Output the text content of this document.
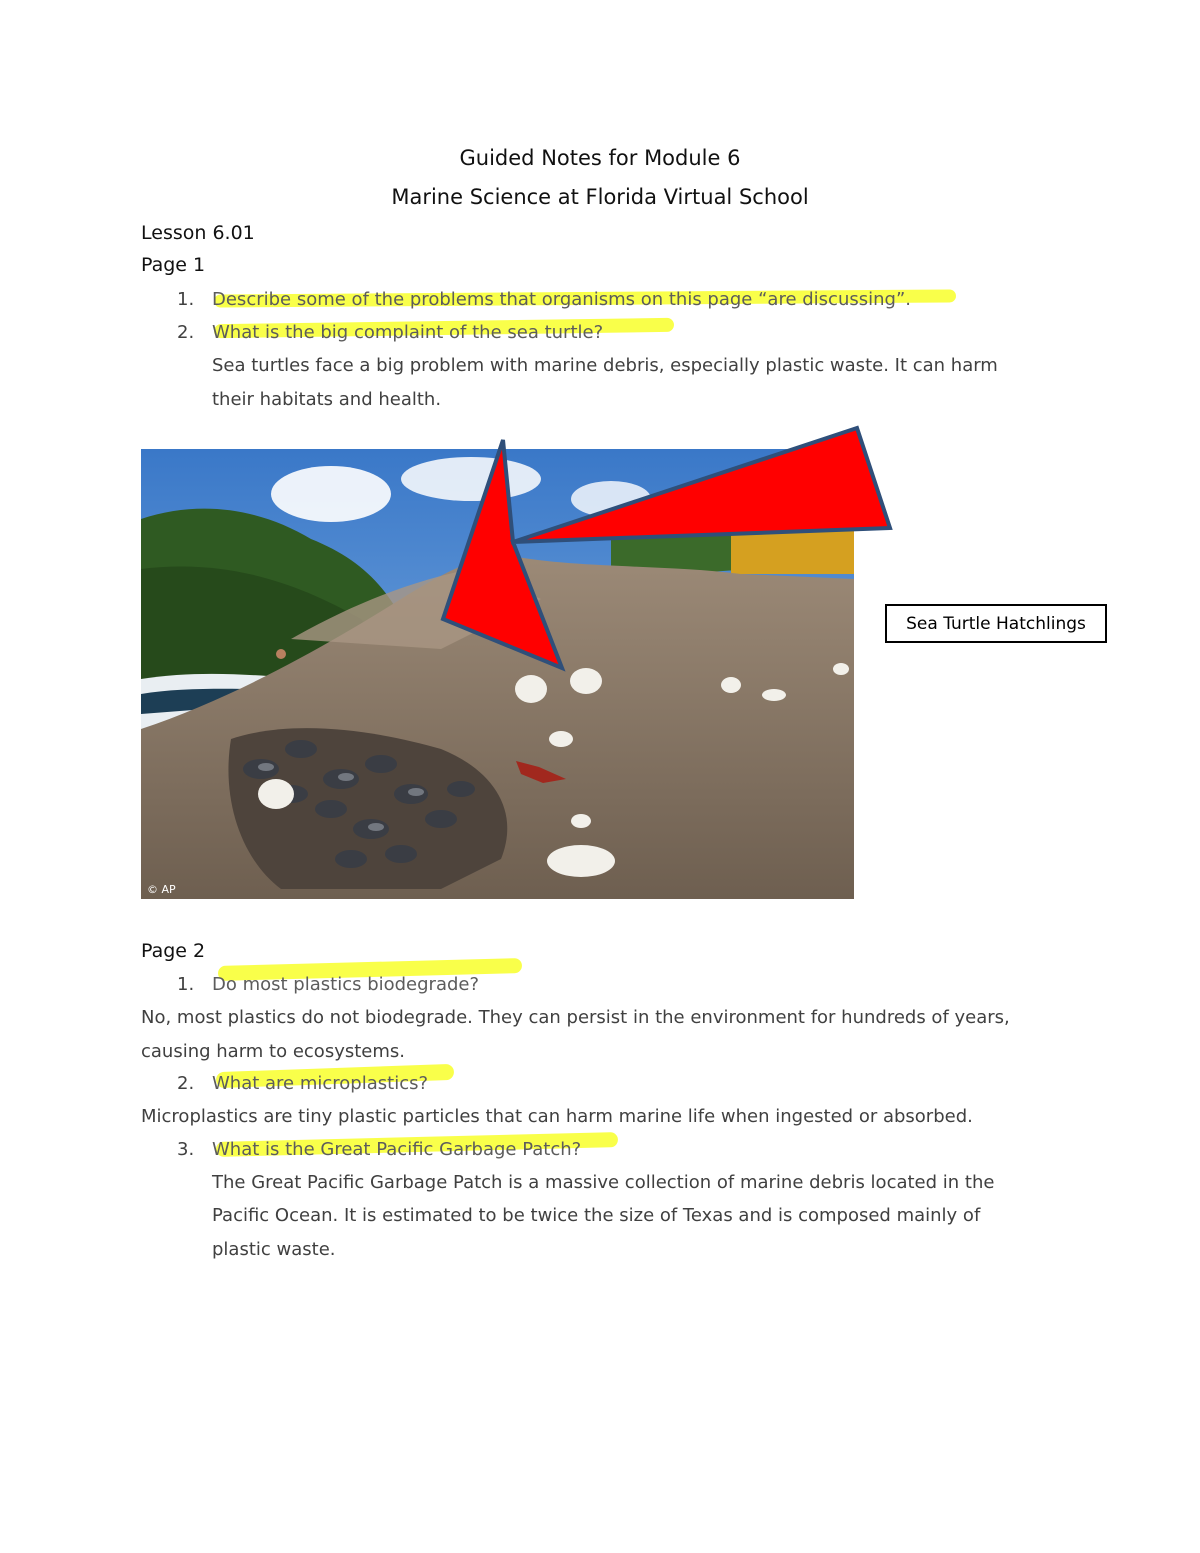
Guided Notes for Module 6
Marine Science at Florida Virtual School
Lesson 6.01
Page 1
1. Describe some of the problems that organisms on this page “are discussing”.
2. What is the big complaint of the sea turtle?
Sea turtles face a big problem with marine debris, especially plastic waste. It can harm
their habitats and health.
© AP
Sea Turtle Hatchlings
Page 2
1. Do most plastics biodegrade?
No, most plastics do not biodegrade. They can persist in the environment for hundreds of years,
causing harm to ecosystems.
2. What are microplastics?
Microplastics are tiny plastic particles that can harm marine life when ingested or absorbed.
3. What is the Great Pacific Garbage Patch?
The Great Pacific Garbage Patch is a massive collection of marine debris located in the
Pacific Ocean. It is estimated to be twice the size of Texas and is composed mainly of
plastic waste.
